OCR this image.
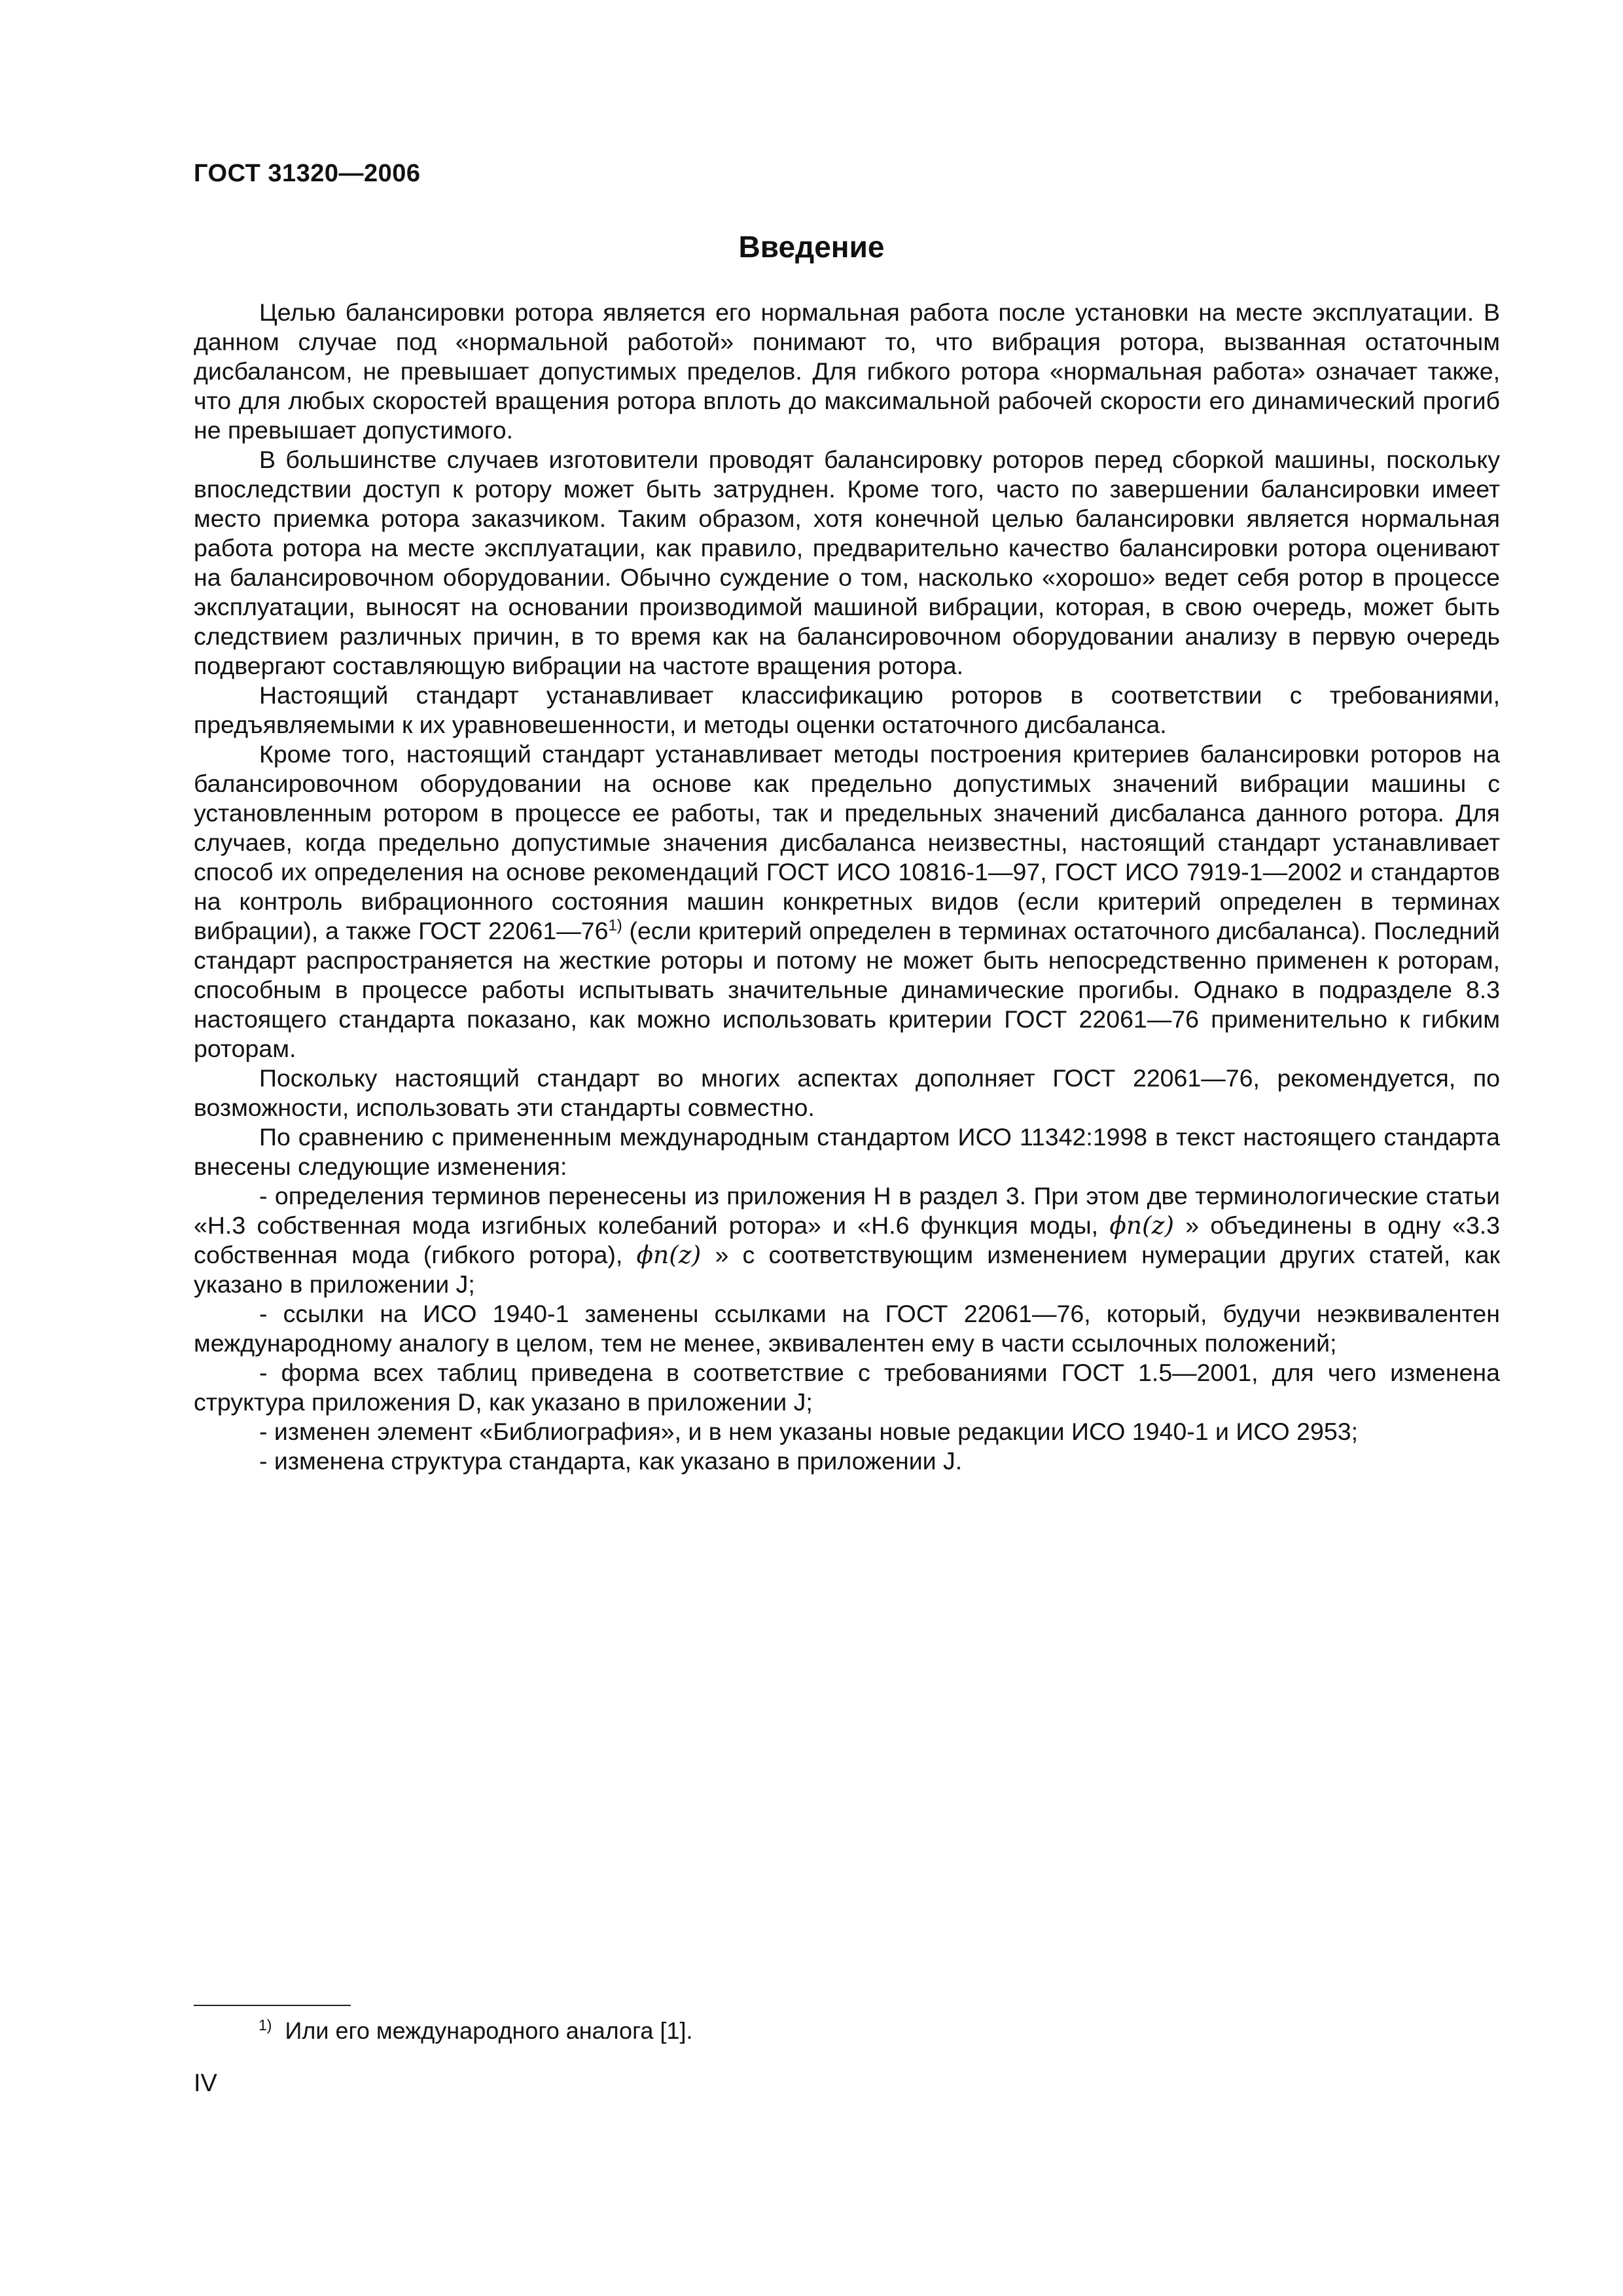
ГОСТ 31320—2006
Введение

Целью балансировки ротора является его нормальная работа после установки на месте эксплуатации. В данном случае под «нормальной работой» понимают то, что вибрация ротора, вызванная остаточным дисбалансом, не превышает допустимых пределов. Для гибкого ротора «нормальная работа» означает также, что для любых скоростей вращения ротора вплоть до максимальной рабочей скорости его динамический прогиб не превышает допустимого.

В большинстве случаев изготовители проводят балансировку роторов перед сборкой машины, поскольку впоследствии доступ к ротору может быть затруднен. Кроме того, часто по завершении балансировки имеет место приемка ротора заказчиком. Таким образом, хотя конечной целью балансировки является нормальная работа ротора на месте эксплуатации, как правило, предварительно качество балансировки ротора оценивают на балансировочном оборудовании. Обычно суждение о том, насколько «хорошо» ведет себя ротор в процессе эксплуатации, выносят на основании производимой машиной вибрации, которая, в свою очередь, может быть следствием различных причин, в то время как на балансировочном оборудовании анализу в первую очередь подвергают составляющую вибрации на частоте вращения ротора.

Настоящий стандарт устанавливает классификацию роторов в соответствии с требованиями, предъявляемыми к их уравновешенности, и методы оценки остаточного дисбаланса.

Кроме того, настоящий стандарт устанавливает методы построения критериев балансировки роторов на балансировочном оборудовании на основе как предельно допустимых значений вибрации машины с установленным ротором в процессе ее работы, так и предельных значений дисбаланса данного ротора. Для случаев, когда предельно допустимые значения дисбаланса неизвестны, настоящий стандарт устанавливает способ их определения на основе рекомендаций ГОСТ ИСО 10816-1—97, ГОСТ ИСО 7919-1—2002 и стандартов на контроль вибрационного состояния машин конкретных видов (если критерий определен в терминах вибрации), а также ГОСТ 22061—76$^{1)}$ (если критерий определен в терминах остаточного дисбаланса). Последний стандарт распространяется на жесткие роторы и потому не может быть непосредственно применен к роторам, способным в процессе работы испытывать значительные динамические прогибы. Однако в подразделе 8.3 настоящего стандарта показано, как можно использовать критерии ГОСТ 22061—76 применительно к гибким роторам.

Поскольку настоящий стандарт во многих аспектах дополняет ГОСТ 22061—76, рекомендуется, по возможности, использовать эти стандарты совместно.

По сравнению с примененным международным стандартом ИСО 11342:1998 в текст настоящего стандарта внесены следующие изменения:

- определения терминов перенесены из приложения Н в раздел 3. При этом две терминологические статьи «Н.3 собственная мода изгибных колебаний ротора» и «Н.6 функция моды, ϕn(z) » объединены в одну «3.3 собственная мода (гибкого ротора), ϕn(z) » с соответствующим изменением нумерации других статей, как указано в приложении J;

- ссылки на ИСО 1940-1 заменены ссылками на ГОСТ 22061—76, который, будучи неэквивалентен международному аналогу в целом, тем не менее, эквивалентен ему в части ссылочных положений;

- форма всех таблиц приведена в соответствие с требованиями ГОСТ 1.5—2001, для чего изменена структура приложения D, как указано в приложении J;

- изменен элемент «Библиография», и в нем указаны новые редакции ИСО 1940-1 и ИСО 2953;

- изменена структура стандарта, как указано в приложении J.

$^{1)}$ Или его международного аналога [1].
IV
